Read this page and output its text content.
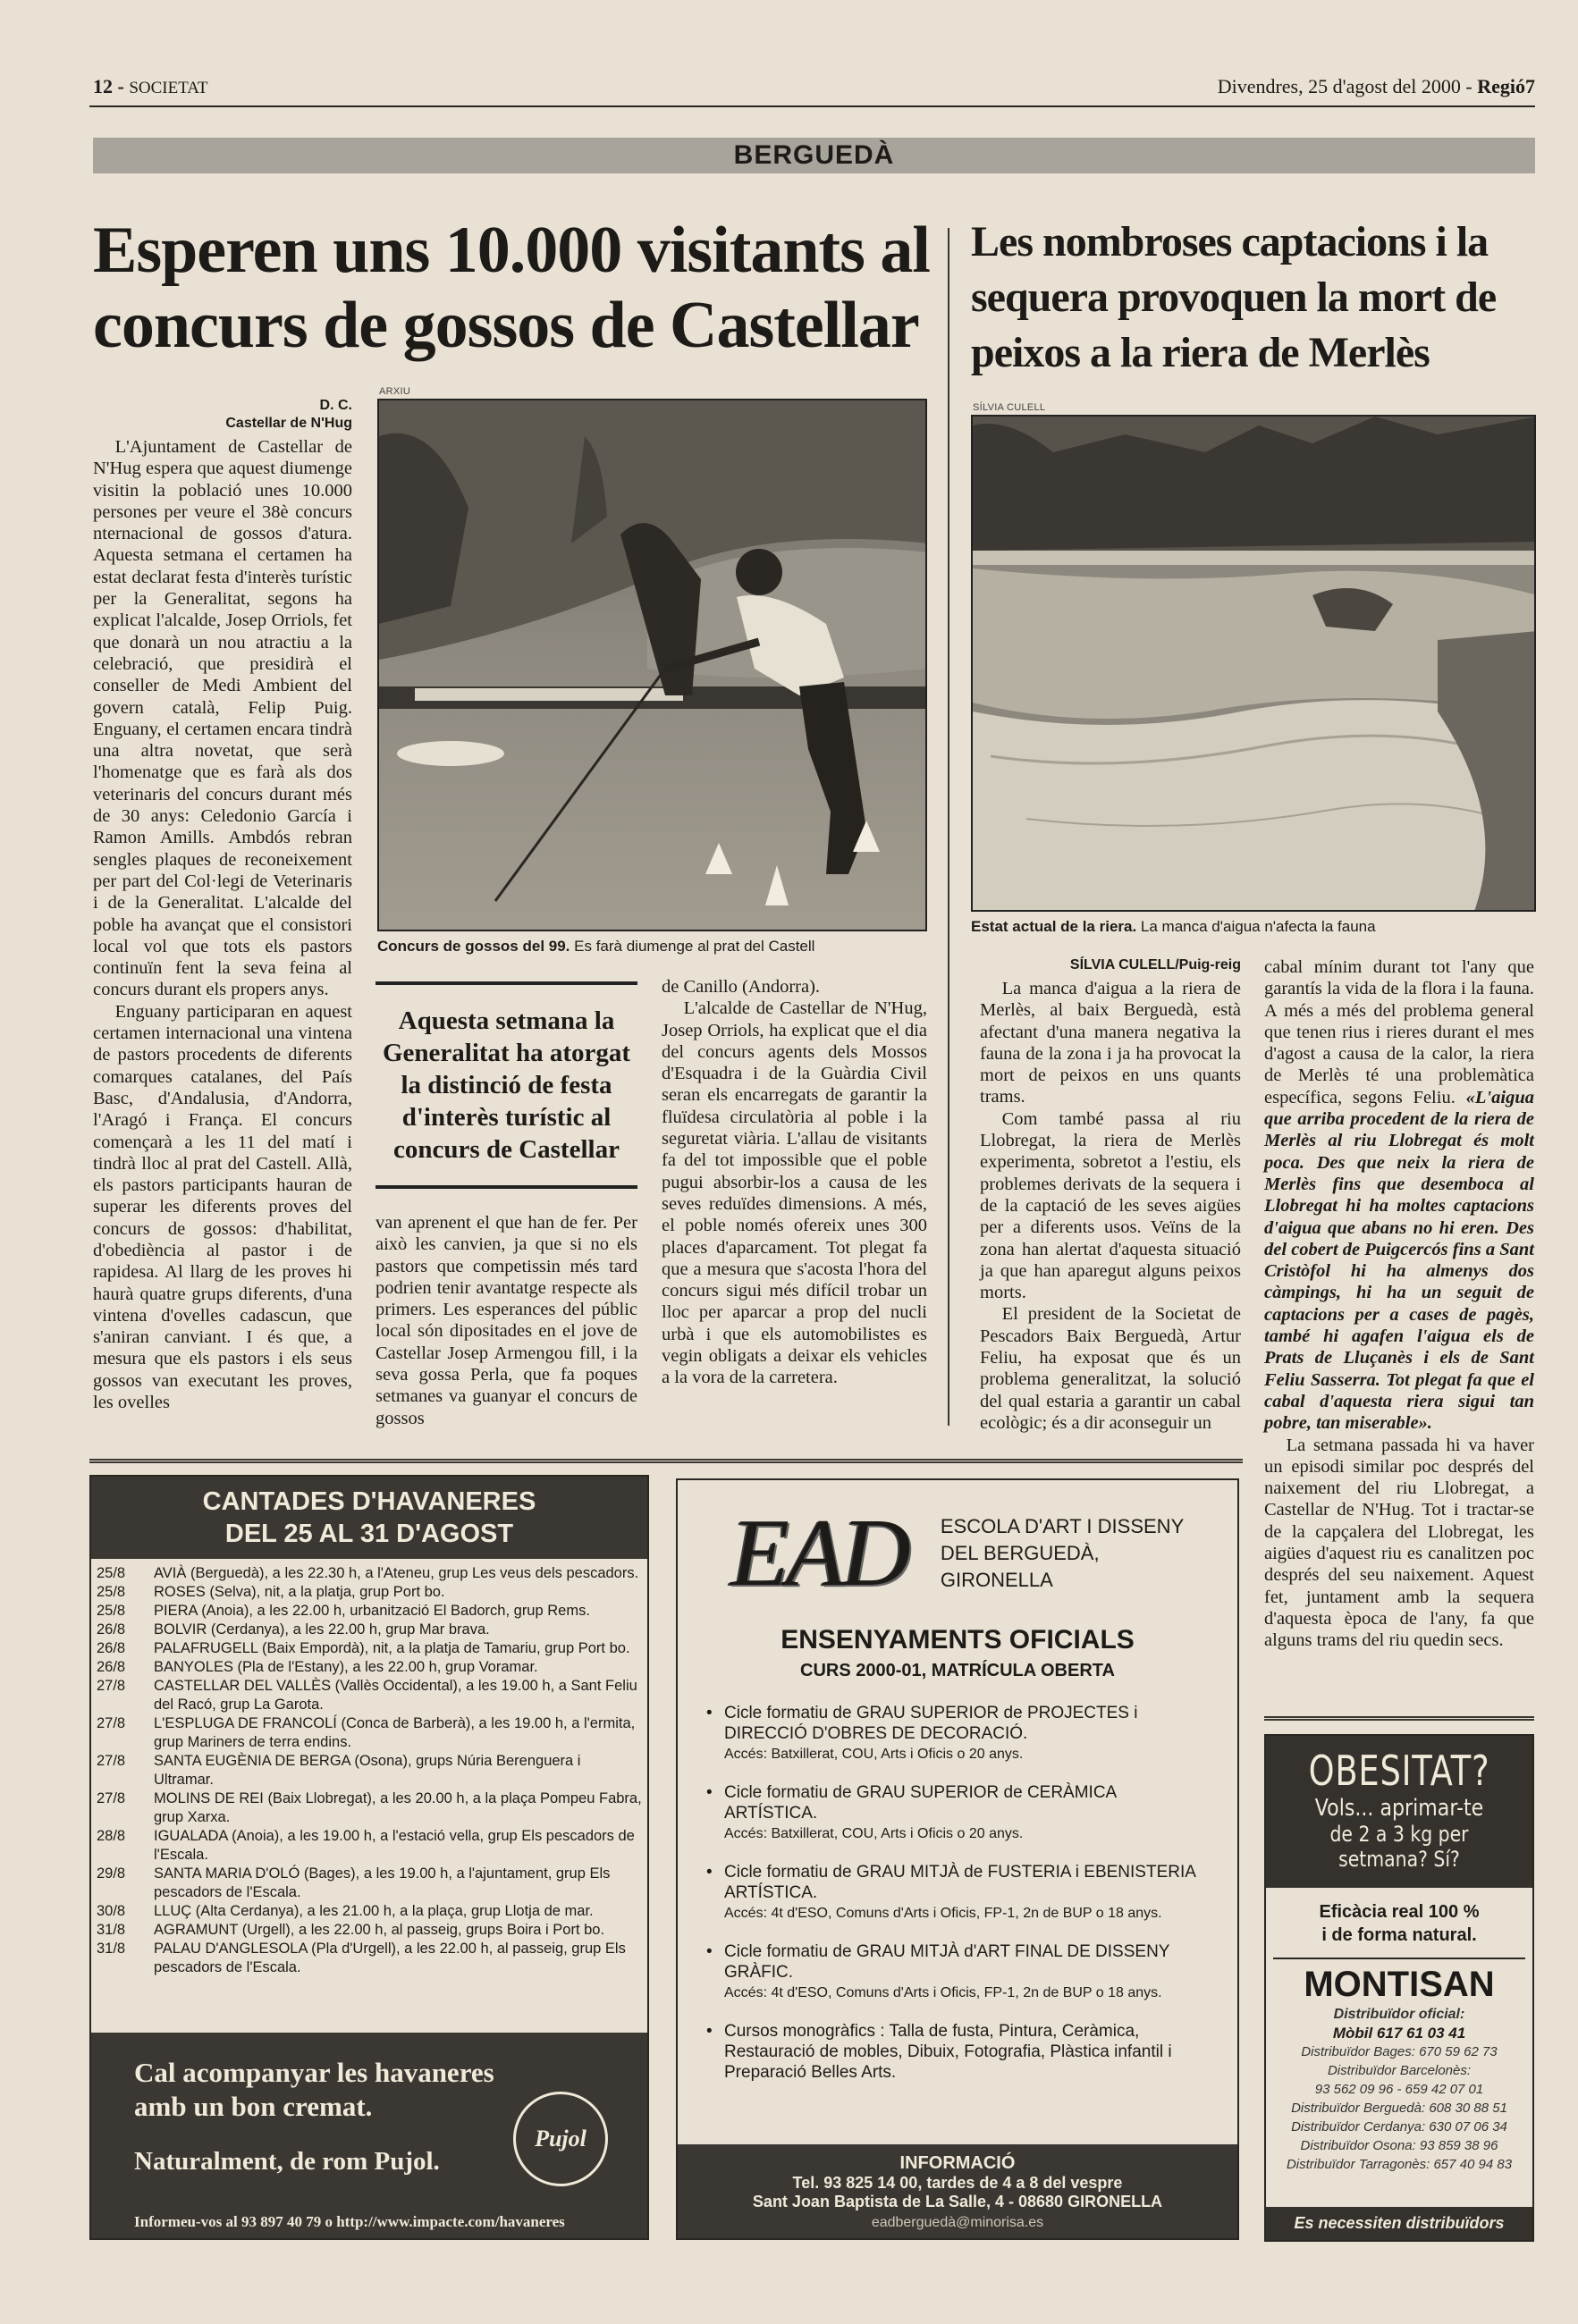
12 - SOCIETAT	Divendres, 25 d'agost del 2000 - Regió7
BERGUEDÀ
Esperen uns 10.000 visitants al concurs de gossos de Castellar
D. C.
Castellar de N'Hug
ARXIU
Concurs de gossos del 99. Es farà diumenge al prat del Castell

L'Ajuntament de Castellar de N'Hug espera que aquest diumenge visitin la població unes 10.000 persones per veure el 38è concurs nternacional de gossos d'atura. Aquesta setmana el certamen ha estat declarat festa d'interès turístic per la Generalitat, segons ha explicat l'alcalde, Josep Orriols, fet que donarà un nou atractiu a la celebració, que presidirà el conseller de Medi Ambient del govern català, Felip Puig. Enguany, el certamen encara tindrà una altra novetat, que serà l'homenatge que es farà als dos veterinaris del concurs durant més de 30 anys: Celedonio García i Ramon Amills. Ambdós rebran sengles plaques de reconeixement per part del Col·legi de Veterinaris i de la Generalitat. L'alcalde del poble ha avançat que el consistori local vol que tots els pastors continuïn fent la seva feina al concurs durant els propers anys.

Enguany participaran en aquest certamen internacional una vintena de pastors procedents de diferents comarques catalanes, del País Basc, d'Andalusia, d'Andorra, l'Aragó i França. El concurs començarà a les 11 del matí i tindrà lloc al prat del Castell. Allà, els pastors participants hauran de superar les diferents proves del concurs de gossos: d'habilitat, d'obediència al pastor i de rapidesa. Al llarg de les proves hi haurà quatre grups diferents, d'una vintena d'ovelles cadascun, que s'aniran canviant. I és que, a mesura que els pastors i els seus gossos van executant les proves, les ovelles

Aquesta setmana la Generalitat ha atorgat la distinció de festa d'interès turístic al concurs de Castellar

van aprenent el que han de fer. Per això les canvien, ja que si no els pastors que competissin més tard podrien tenir avantatge respecte als primers. Les esperances del públic local són dipositades en el jove de Castellar Josep Armengou fill, i la seva gossa Perla, que fa poques setmanes va guanyar el concurs de gossos

de Canillo (Andorra).

L'alcalde de Castellar de N'Hug, Josep Orriols, ha explicat que el dia del concurs agents dels Mossos d'Esquadra i de la Guàrdia Civil seran els encarregats de garantir la fluïdesa circulatòria al poble i la seguretat viària. L'allau de visitants fa del tot impossible que el poble pugui absorbir-los a causa de les seves reduïdes dimensions. A més, el poble només ofereix unes 300 places d'aparcament. Tot plegat fa que a mesura que s'acosta l'hora del concurs sigui més difícil trobar un lloc per aparcar a prop del nucli urbà i que els automobilistes es vegin obligats a deixar els vehicles a la vora de la carretera.

Les nombroses captacions i la sequera provoquen la mort de peixos a la riera de Merlès
SÍLVIA CULELL
Estat actual de la riera. La manca d'aigua n'afecta la fauna
SÍLVIA CULELL/Puig-reig

La manca d'aigua a la riera de Merlès, al baix Berguedà, està afectant d'una manera negativa la fauna de la zona i ja ha provocat la mort de peixos en uns quants trams.

Com també passa al riu Llobregat, la riera de Merlès experimenta, sobretot a l'estiu, els problemes derivats de la sequera i de la captació de les seves aigües per a diferents usos. Veïns de la zona han alertat d'aquesta situació ja que han aparegut alguns peixos morts.

El president de la Societat de Pescadors Baix Berguedà, Artur Feliu, ha exposat que és un problema generalitzat, la solució del qual estaria a garantir un cabal ecològic; és a dir aconseguir un

cabal mínim durant tot l'any que garantís la vida de la flora i la fauna. A més a més del problema general que tenen rius i rieres durant el mes d'agost a causa de la calor, la riera de Merlès té una problemàtica específica, segons Feliu. «L'aigua que arriba procedent de la riera de Merlès al riu Llobregat és molt poca. Des que neix la riera de Merlès fins que desemboca al Llobregat hi ha moltes captacions d'aigua que abans no hi eren. Des del cobert de Puigcercós fins a Sant Cristòfol hi ha almenys dos càmpings, hi ha un seguit de captacions per a cases de pagès, també hi agafen l'aigua els de Prats de Lluçanès i els de Sant Feliu Sasserra. Tot plegat fa que el cabal d'aquesta riera sigui tan pobre, tan miserable».

La setmana passada hi va haver un episodi similar poc després del naixement del riu Llobregat, a Castellar de N'Hug. Tot i tractar-se de la capçalera del Llobregat, les aigües d'aquest riu es canalitzen poc després del seu naixement. Aquest fet, juntament amb la sequera d'aquesta època de l'any, fa que alguns trams del riu quedin secs.

CANTADES D'HAVANERES
DEL 25 AL 31 D'AGOST
25/8	AVIÀ (Berguedà), a les 22.30 h, a l'Ateneu, grup Les veus dels pescadors.
25/8	ROSES (Selva), nit, a la platja, grup Port bo.
25/8	PIERA (Anoia), a les 22.00 h, urbanització El Badorch, grup Rems.
26/8	BOLVIR (Cerdanya), a les 22.00 h, grup Mar brava.
26/8	PALAFRUGELL (Baix Empordà), nit, a la platja de Tamariu, grup Port bo.
26/8	BANYOLES (Pla de l'Estany), a les 22.00 h, grup Voramar.
27/8	CASTELLAR DEL VALLÈS (Vallès Occidental), a les 19.00 h, a Sant Feliu del Racó, grup La Garota.
27/8	L'ESPLUGA DE FRANCOLÍ (Conca de Barberà), a les 19.00 h, a l'ermita, grup Mariners de terra endins.
27/8	SANTA EUGÈNIA DE BERGA (Osona), grups Núria Berenguera i Ultramar.
27/8	MOLINS DE REI (Baix Llobregat), a les 20.00 h, a la plaça Pompeu Fabra, grup Xarxa.
28/8	IGUALADA (Anoia), a les 19.00 h, a l'estació vella, grup Els pescadors de l'Escala.
29/8	SANTA MARIA D'OLÓ (Bages), a les 19.00 h, a l'ajuntament, grup Els pescadors de l'Escala.
30/8	LLUÇ (Alta Cerdanya), a les 21.00 h, a la plaça, grup Llotja de mar.
31/8	AGRAMUNT (Urgell), a les 22.00 h, al passeig, grups Boira i Port bo.
31/8	PALAU D'ANGLESOLA (Pla d'Urgell), a les 22.00 h, al passeig, grup Els pescadors de l'Escala.
Cal acompanyar les havaneres amb un bon cremat.
Naturalment, de rom Pujol.
Pujol
Informeu-vos al 93 897 40 79 o http://www.impacte.com/havaneres
EAD ESCOLA D'ART I DISSENY
DEL BERGUEDÀ, GIRONELLA
ENSENYAMENTS OFICIALS
CURS 2000-01, MATRÍCULA OBERTA
• Cicle formatiu de GRAU SUPERIOR de PROJECTES i DIRECCIÓ D'OBRES DE DECORACIÓ.
Accés: Batxillerat, COU, Arts i Oficis o 20 anys.
• Cicle formatiu de GRAU SUPERIOR de CERÀMICA ARTÍSTICA.
Accés: Batxillerat, COU, Arts i Oficis o 20 anys.
• Cicle formatiu de GRAU MITJÀ de FUSTERIA i EBENISTERIA ARTÍSTICA.
Accés: 4t d'ESO, Comuns d'Arts i Oficis, FP-1, 2n de BUP o 18 anys.
• Cicle formatiu de GRAU MITJÀ d'ART FINAL DE DISSENY GRÀFIC.
Accés: 4t d'ESO, Comuns d'Arts i Oficis, FP-1, 2n de BUP o 18 anys.
• Cursos monogràfics : Talla de fusta, Pintura, Ceràmica, Restauració de mobles, Dibuix, Fotografia, Plàstica infantil i Preparació Belles Arts.
INFORMACIÓ
Tel. 93 825 14 00, tardes de 4 a 8 del vespre
Sant Joan Baptista de La Salle, 4 - 08680 GIRONELLA
eadberguedà@minorisa.es
OBESITAT?
Vols... aprimar-te
de 2 a 3 kg per setmana? Sí?
Eficàcia real 100 %
i de forma natural.
MONTISAN
Distribuïdor oficial:
Mòbil 617 61 03 41
Distribuïdor Bages: 670 59 62 73
Distribuïdor Barcelonès:
93 562 09 96 - 659 42 07 01
Distribuïdor Berguedà: 608 30 88 51
Distribuïdor Cerdanya: 630 07 06 34
Distribuïdor Osona: 93 859 38 96
Distribuïdor Tarragonès: 657 40 94 83
Es necessiten distribuïdors
